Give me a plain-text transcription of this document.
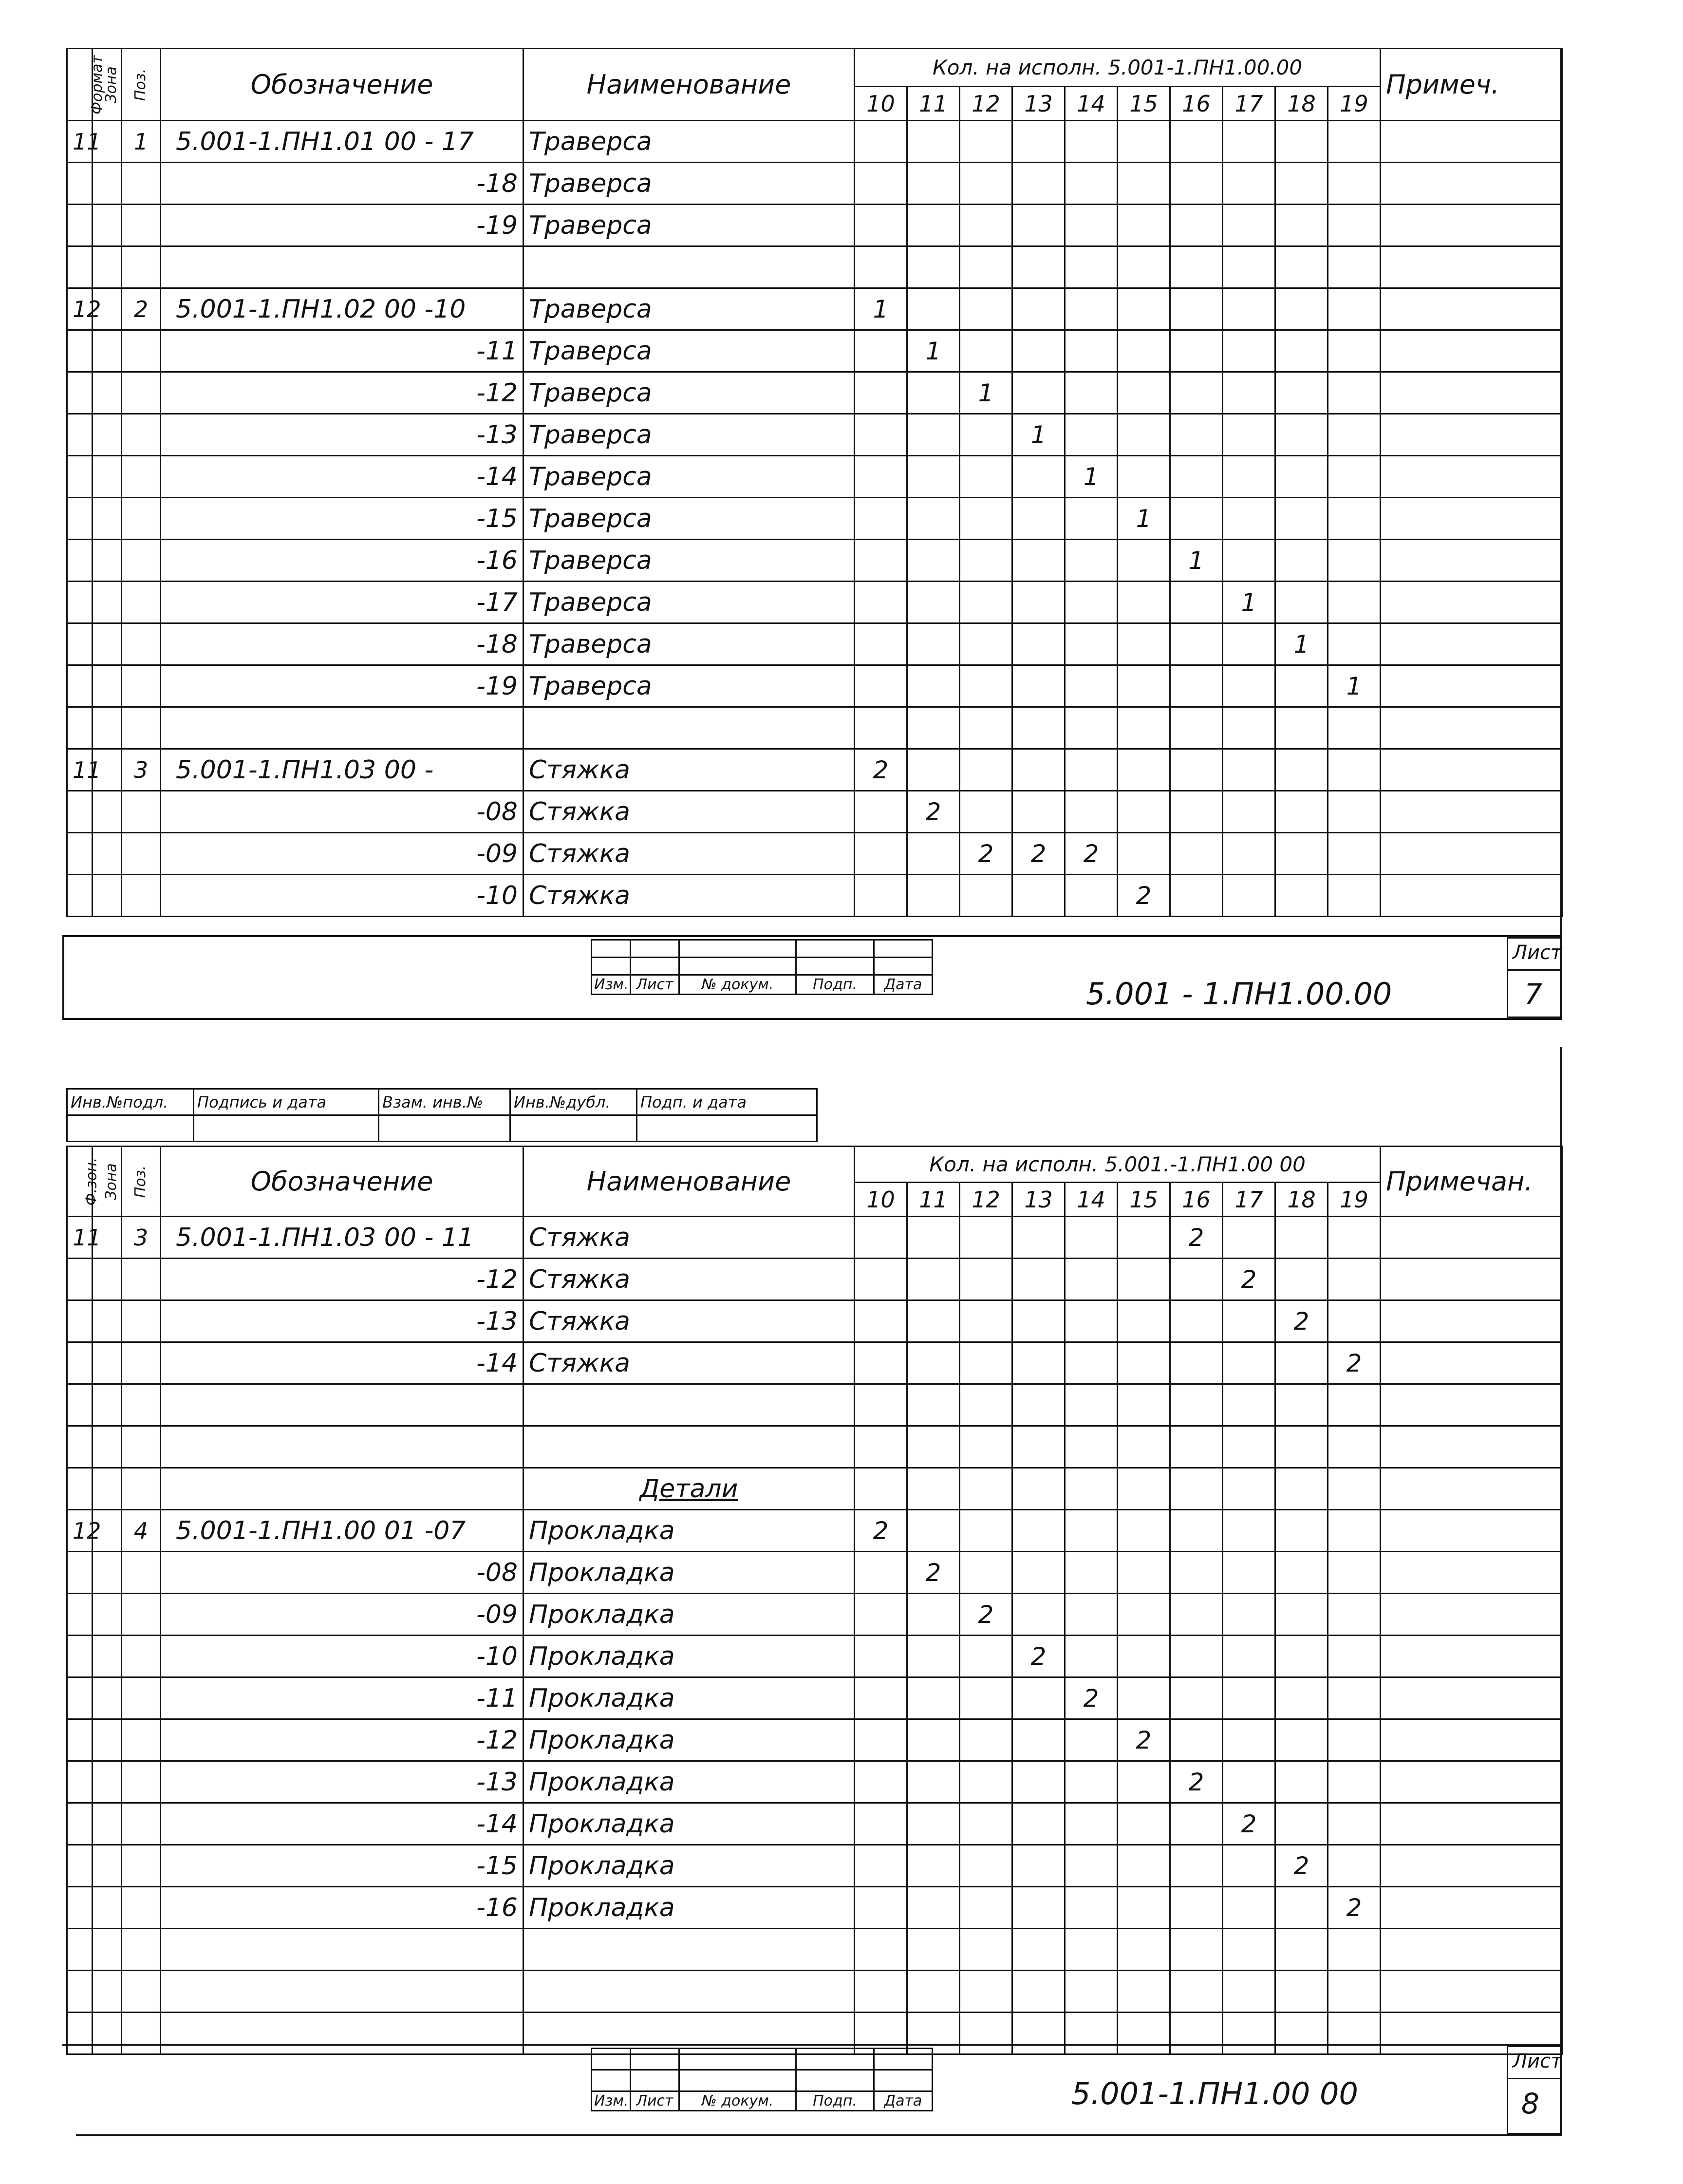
Формат	Зона	Поз.	Обозначение	Наименование	Кол. на исполн. 5.001-1.ПН1.00.00										Примеч.
					10	11	12	13	14	15	16	17	18	19	
11		1	5.001-1.ПН1.01 00 - 17	Траверса											
			-18	Траверса											
			-19	Траверса											

12		2	5.001-1.ПН1.02 00 -10	Траверса	1										
			-11	Траверса		1									
			-12	Траверса			1								
			-13	Траверса				1							
			-14	Траверса					1						
			-15	Траверса						1					
			-16	Траверса							1				
			-17	Траверса								1			
			-18	Траверса									1		
			-19	Траверса										1	

11		3	5.001-1.ПН1.03 00 -	Стяжка	2										
			-08	Стяжка		2									
			-09	Стяжка			2	2	2						
			-10	Стяжка						2					

Изм.	Лист	№ докум.	Подп.	Дата	5.001 - 1.ПН1.00.00
Лист
7
Инв.№подл.	Подпись и дата	Взам. инв.№	Инв.№дубл.	Подп. и дата

Ф.зон.	Зона	Поз.	Обозначение	Наименование	Кол. на исполн. 5.001.-1.ПН1.00 00										Примечан.
					10	11	12	13	14	15	16	17	18	19	
11		3	5.001-1.ПН1.03 00 - 11	Стяжка							2				
			-12	Стяжка								2			
			-13	Стяжка									2		
			-14	Стяжка										2	

				Детали											
12		4	5.001-1.ПН1.00 01 -07	Прокладка	2										
			-08	Прокладка		2									
			-09	Прокладка			2								
			-10	Прокладка				2							
			-11	Прокладка					2						
			-12	Прокладка						2					
			-13	Прокладка							2				
			-14	Прокладка								2			
			-15	Прокладка									2		
			-16	Прокладка										2	

Изм.	Лист	№ докум.	Подп.	Дата	5.001-1.ПН1.00 00
Лист
8
